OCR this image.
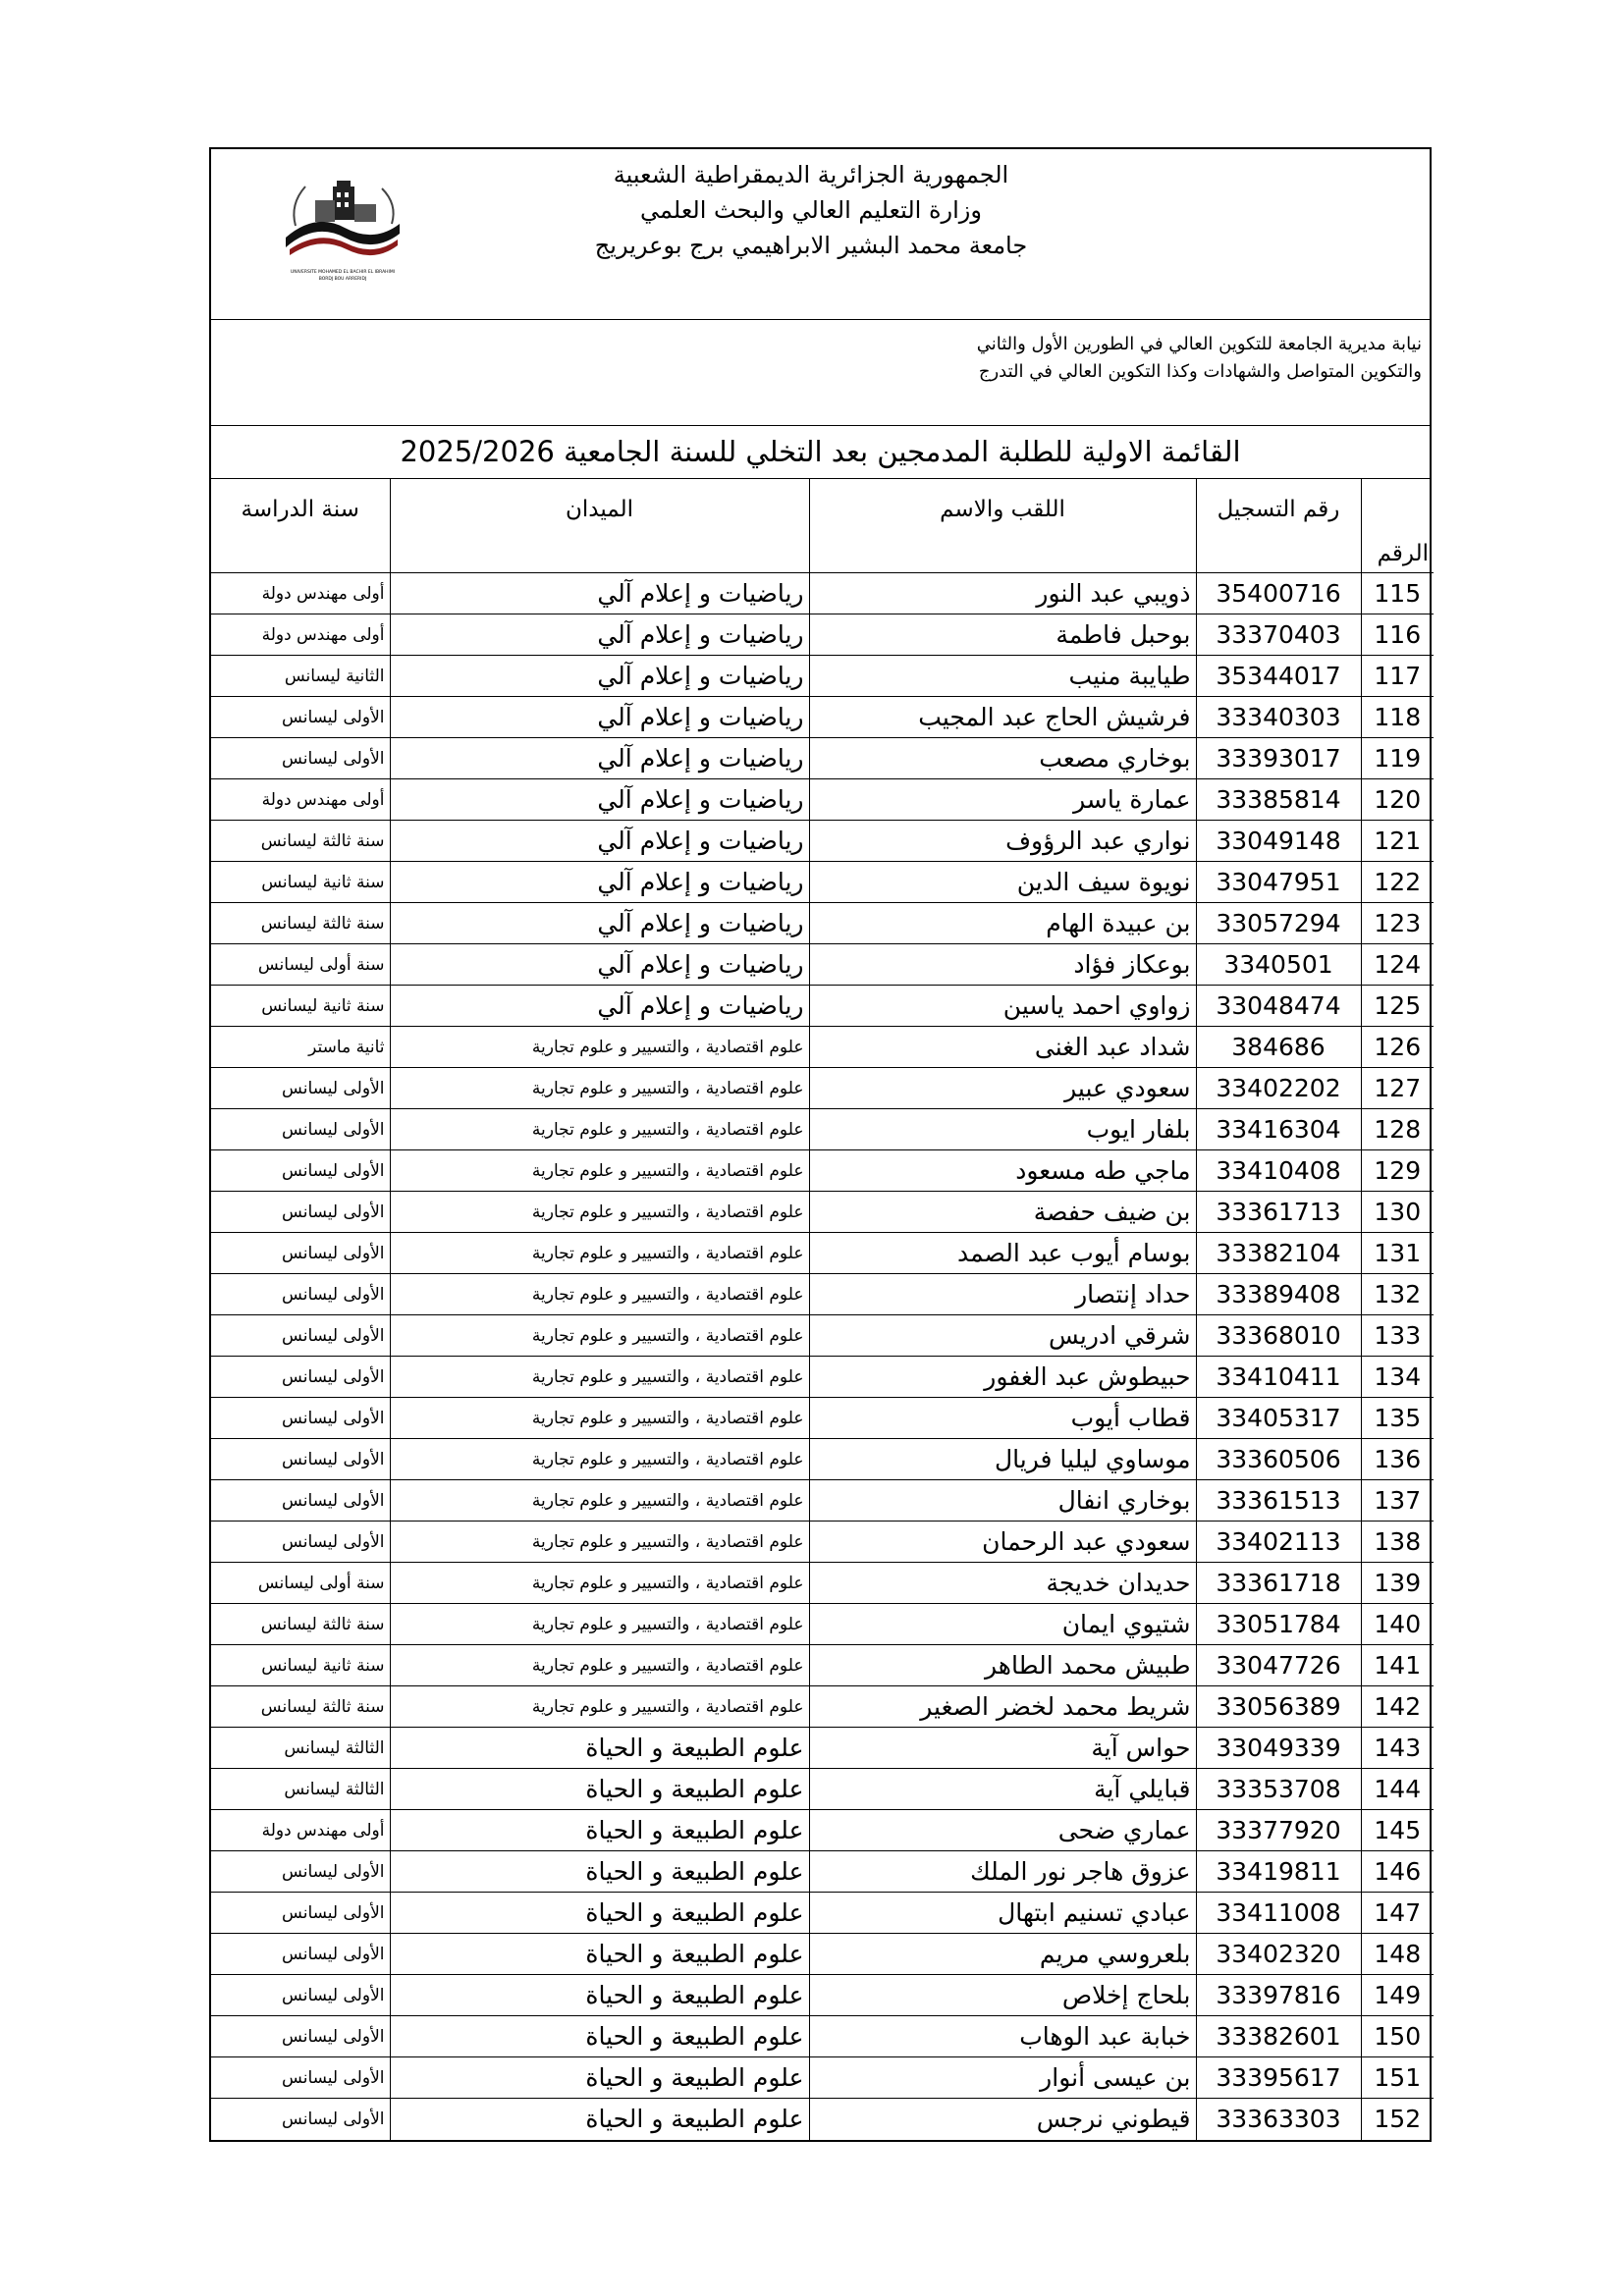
الجمهورية الجزائرية الديمقراطية الشعبية
وزارة التعليم العالي والبحث العلمي
جامعة محمد البشير الابراهيمي برج بوعريريج
UNIVERSITE MOHAMED EL BACHIR EL IBRAHIMI
BORDJ BOU ARRERIDJ
نيابة مديرية الجامعة للتكوين العالي في الطورين الأول والثاني
والتكوين المتواصل والشهادات وكذا التكوين العالي في التدرج
القائمة الاولية للطلبة المدمجين بعد التخلي للسنة الجامعية 2025/2026
الرقم	رقم التسجيل	اللقب والاسم	الميدان	سنة الدراسة
115	35400716	ذويبي عبد النور	رياضيات و إعلام آلي	أولى مهندس دولة
116	33370403	بوحبل فاطمة	رياضيات و إعلام آلي	أولى مهندس دولة
117	35344017	طيايبة منيب	رياضيات و إعلام آلي	الثانية ليسانس
118	33340303	فرشيش الحاج عبد المجيب	رياضيات و إعلام آلي	الأولى ليسانس
119	33393017	بوخاري مصعب	رياضيات و إعلام آلي	الأولى ليسانس
120	33385814	عمارة ياسر	رياضيات و إعلام آلي	أولى مهندس دولة
121	33049148	نواري عبد الرؤوف	رياضيات و إعلام آلي	سنة ثالثة ليسانس
122	33047951	نويوة سيف الدين	رياضيات و إعلام آلي	سنة ثانية ليسانس
123	33057294	بن عبيدة الهام	رياضيات و إعلام آلي	سنة ثالثة ليسانس
124	3340501	بوعكاز فؤاد	رياضيات و إعلام آلي	سنة أولى ليسانس
125	33048474	زواوي احمد ياسين	رياضيات و إعلام آلي	سنة ثانية ليسانس
126	384686	شداد عبد الغنى	علوم اقتصادية ، والتسيير و علوم تجارية	ثانية ماستر
127	33402202	سعودي عبير	علوم اقتصادية ، والتسيير و علوم تجارية	الأولى ليسانس
128	33416304	بلفار ايوب	علوم اقتصادية ، والتسيير و علوم تجارية	الأولى ليسانس
129	33410408	ماجي طه مسعود	علوم اقتصادية ، والتسيير و علوم تجارية	الأولى ليسانس
130	33361713	بن ضيف حفصة	علوم اقتصادية ، والتسيير و علوم تجارية	الأولى ليسانس
131	33382104	بوسام أيوب عبد الصمد	علوم اقتصادية ، والتسيير و علوم تجارية	الأولى ليسانس
132	33389408	حداد إنتصار	علوم اقتصادية ، والتسيير و علوم تجارية	الأولى ليسانس
133	33368010	شرقي ادريس	علوم اقتصادية ، والتسيير و علوم تجارية	الأولى ليسانس
134	33410411	حبيطوش عبد الغفور	علوم اقتصادية ، والتسيير و علوم تجارية	الأولى ليسانس
135	33405317	قطاب أيوب	علوم اقتصادية ، والتسيير و علوم تجارية	الأولى ليسانس
136	33360506	موساوي ليليا فريال	علوم اقتصادية ، والتسيير و علوم تجارية	الأولى ليسانس
137	33361513	بوخاري انفال	علوم اقتصادية ، والتسيير و علوم تجارية	الأولى ليسانس
138	33402113	سعودي عبد الرحمان	علوم اقتصادية ، والتسيير و علوم تجارية	الأولى ليسانس
139	33361718	حديدان خديجة	علوم اقتصادية ، والتسيير و علوم تجارية	سنة أولى ليسانس
140	33051784	شتيوي ايمان	علوم اقتصادية ، والتسيير و علوم تجارية	سنة ثالثة ليسانس
141	33047726	طبيش محمد الطاهر	علوم اقتصادية ، والتسيير و علوم تجارية	سنة ثانية ليسانس
142	33056389	شريط محمد لخضر الصغير	علوم اقتصادية ، والتسيير و علوم تجارية	سنة ثالثة ليسانس
143	33049339	حواس آية	علوم الطبيعة و الحياة	الثالثة ليسانس
144	33353708	قبايلي آية	علوم الطبيعة و الحياة	الثالثة ليسانس
145	33377920	عماري ضحى	علوم الطبيعة و الحياة	أولى مهندس دولة
146	33419811	عزوق هاجر نور الملك	علوم الطبيعة و الحياة	الأولى ليسانس
147	33411008	عبادي تسنيم ابتهال	علوم الطبيعة و الحياة	الأولى ليسانس
148	33402320	بلعروسي مريم	علوم الطبيعة و الحياة	الأولى ليسانس
149	33397816	بلحاج إخلاص	علوم الطبيعة و الحياة	الأولى ليسانس
150	33382601	خبابة عبد الوهاب	علوم الطبيعة و الحياة	الأولى ليسانس
151	33395617	بن عيسى أنوار	علوم الطبيعة و الحياة	الأولى ليسانس
152	33363303	قيطوني نرجس	علوم الطبيعة و الحياة	الأولى ليسانس
